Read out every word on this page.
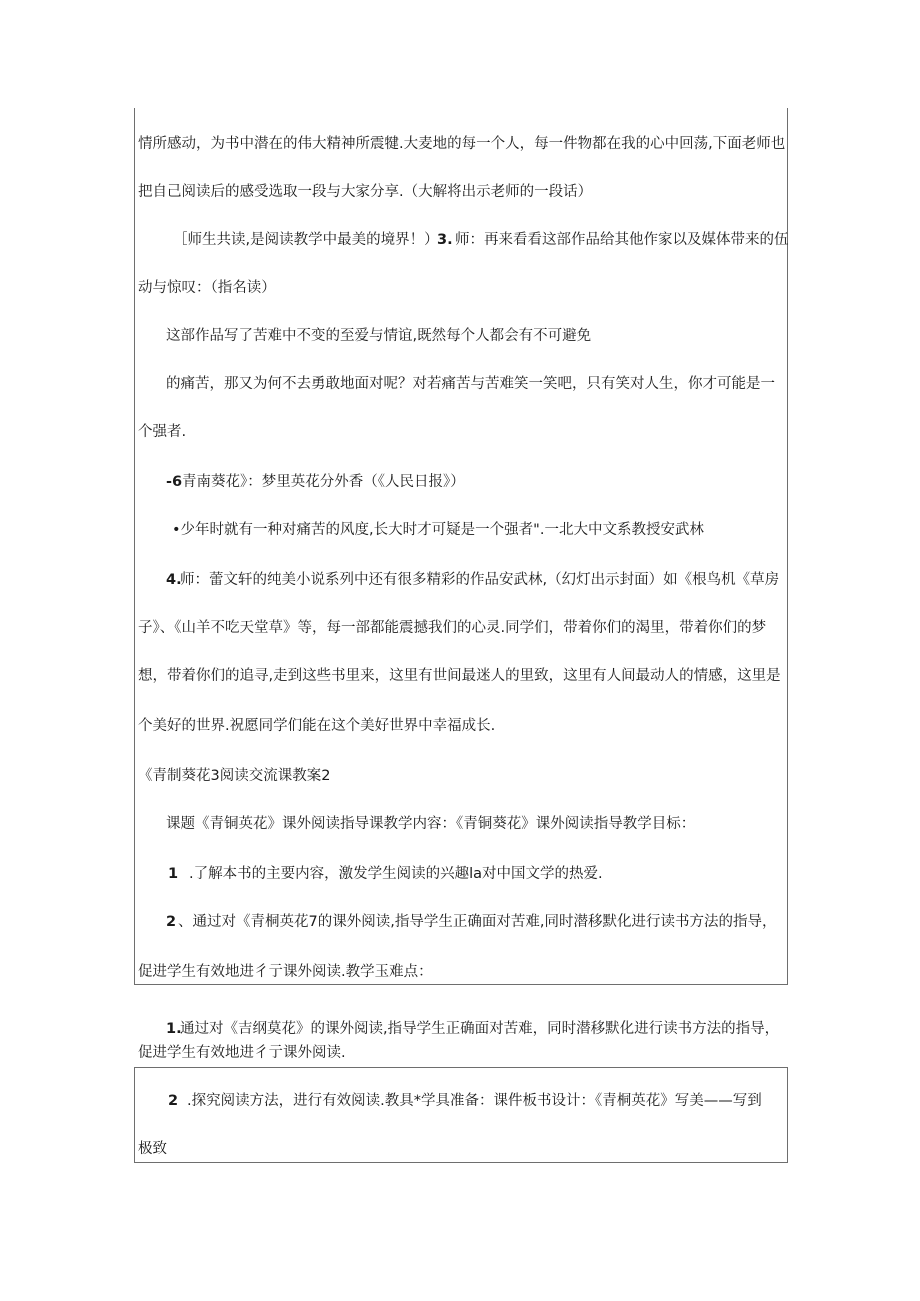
情所感动，为书中潜在的伟大精神所震犍.大麦地的每一个人，每一件物都在我的心中回荡,下面老师也

把自己阅读后的感受选取一段与大家分享.（大解将出示老师的一段话）

［师生共读,是阅读教学中最美的境界！）

3. 师：再来看看这部作品给其他作家以及媒体带来的伍

动与惊叹：（指名读）

这部作品写了苦难中不变的至爱与情谊,既然每个人都会有不可避免

的痛苦，那又为何不去勇敢地面对呢？对若痛苦与苦难笑一笑吧，只有笑对人生，你才可能是一

个强者.

-6 青南葵花》：梦里英花分外香（《人民日报》）

•少年时就有一种对痛苦的风度,长大时才可疑是一个强者".一北大中文系教授安武林

4.

师：蕾文轩的纯美小说系列中还有很多精彩的作品安武林,（幻灯出示封面）如《根鸟机《草房

子》、《山羊不吃天堂草》等，每一部都能震撼我们的心灵.同学们，带着你们的渴里，带着你们的梦

想，带着你们的追寻,走到这些书里来，这里有世间最迷人的里致，这里有人间最动人的情感，这里是

个美好的世界.祝愿同学们能在这个美好世界中幸福成长.

《青制葵花3阅读交流课教案2

课题《青铜英花》课外阅读指导课教学内容：《青铜葵花》课外阅读指导教学目标：

1 .了解本书的主要内容，激发学生阅读的兴趣la对中国文学的热爱.

2 、通过对《青桐英花7的课外阅读,指导学生正确面对苦难,同时潜移默化进行读书方法的指导，

促进学生有效地进彳亍课外阅读.教学玉难点：

1.

通过对《吉纲莫花》的课外阅读,指导学生正确面对苦难，同时潜移默化进行读书方法的指导，

促进学生有效地进彳亍课外阅读.

2 .探究阅读方法，进行有效阅读.教具*学具准备：课件板书设计：《青桐英花》写美——写到

极致
